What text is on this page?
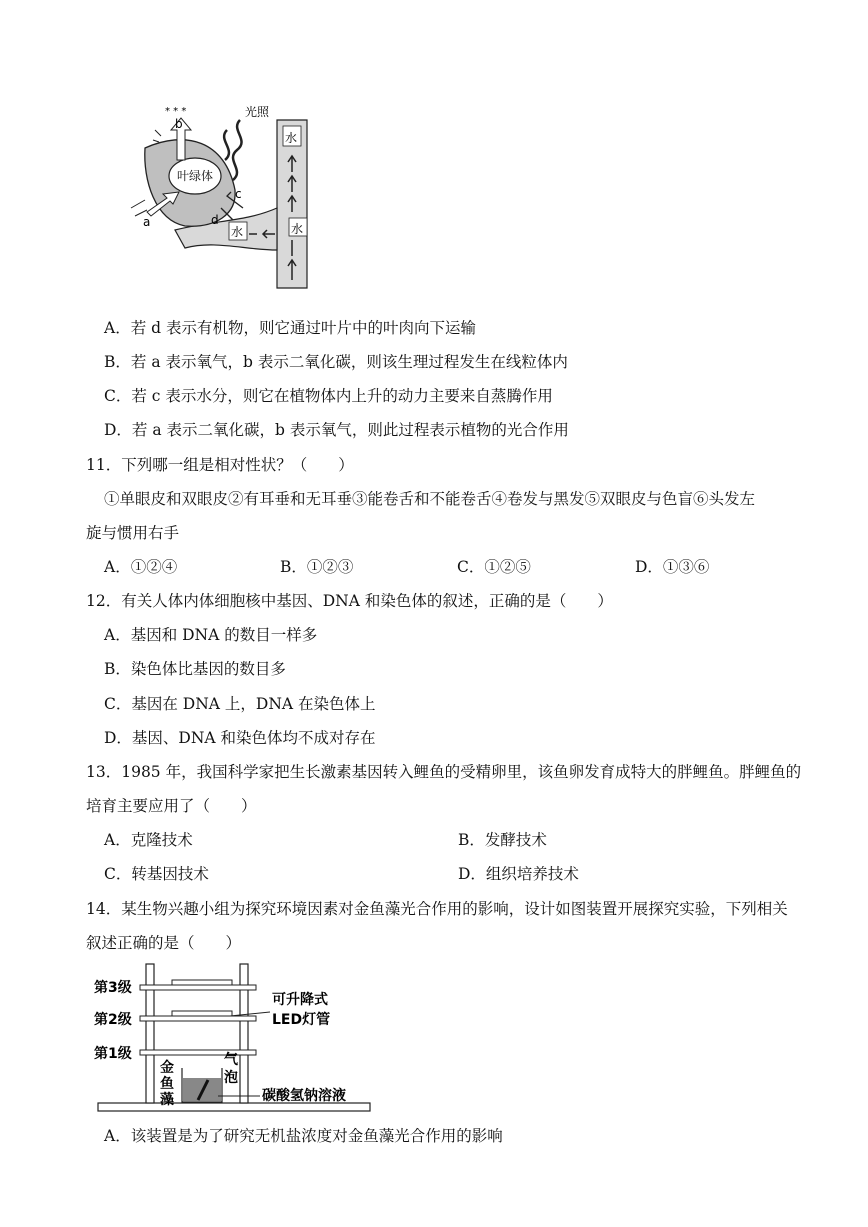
叶绿体
b
* * *	光照
a
c
d
水
水
水
A．若 d 表示有机物，则它通过叶片中的叶肉向下运输
B．若 a 表示氧气，b 表示二氧化碳，则该生理过程发生在线粒体内
C．若 c 表示水分，则它在植物体内上升的动力主要来自蒸腾作用
D．若 a 表示二氧化碳，b 表示氧气，则此过程表示植物的光合作用
11．下列哪一组是相对性状？（　　）
①单眼皮和双眼皮②有耳垂和无耳垂③能卷舌和不能卷舌④卷发与黑发⑤双眼皮与色盲⑥头发左
旋与惯用右手
A．①②④	B．①②③	C．①②⑤	D．①③⑥
12．有关人体内体细胞核中基因、DNA 和染色体的叙述，正确的是（　　）
A．基因和 DNA 的数目一样多
B．染色体比基因的数目多
C．基因在 DNA 上，DNA 在染色体上
D．基因、DNA 和染色体均不成对存在
13．1985 年，我国科学家把生长激素基因转入鲤鱼的受精卵里，该鱼卵发育成特大的胖鲤鱼。胖鲤鱼的
培育主要应用了（　　）
A．克隆技术	B．发酵技术
C．转基因技术	D．组织培养技术
14．某生物兴趣小组为探究环境因素对金鱼藻光合作用的影响，设计如图装置开展探究实验，下列相关
叙述正确的是（　　）
第3级
第2级
第1级
可升降式
LED灯管
金
鱼
藻
气
泡
碳酸氢钠溶液
A．该装置是为了研究无机盐浓度对金鱼藻光合作用的影响
